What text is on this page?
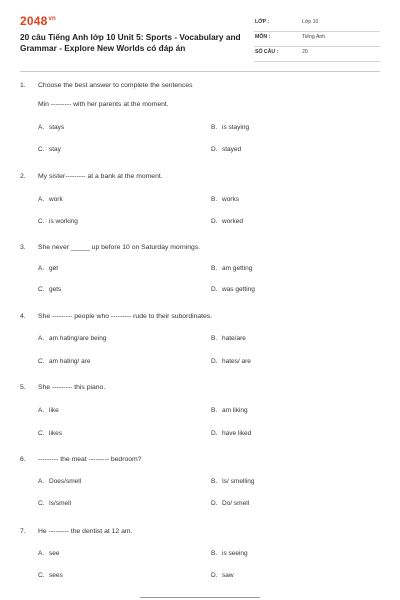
$2048^{vn}$
20 câu Tiếng Anh lớp 10 Unit 5: Sports - Vocabulary and Grammar - Explore New Worlds có đáp án
LỚP :	Lớp 10
MÔN :	Tiếng Anh
SỐ CÂU :	20
1. Choose the best answer to complete the sentences
Min --------- with her parents at the moment.
A. stays	B. is staying
C. stay	D. stayed
2. My sister--------- at a bank at the moment.
A. work	B. works
C. is working	D. worked
3. She never _____ up before 10 on Saturday mornings.
A. get	B. am getting
C. gets	D. was getting
4. She --------- people who --------- rude to their subordinates.
A. am hating/are being	B. hate/are
C. am hating/ are	D. hates/ are
5. She --------- this piano.
A. like	B. am liking
C. likes	D. have liked
6. --------- the meat --------- bedroom?
A. Does/smell	B. Is/ smelling
C. Is/smell	D. Do/ smell
7. He --------- the dentist at 12 am.
A. see	B. is seeing
C. sees	D. saw
